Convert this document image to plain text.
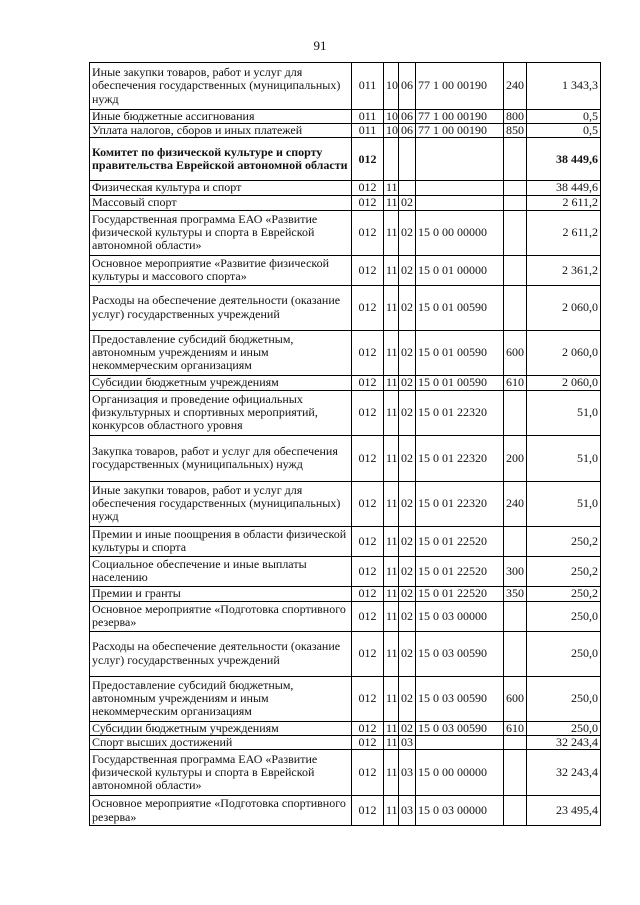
91
Иные закупки товаров, работ и услуг для обеспечения государственных (муниципальных) нужд	011	10	06	77 1 00 00190	240	1 343,3
Иные бюджетные ассигнования	011	10	06	77 1 00 00190	800	0,5
Уплата налогов, сборов и иных платежей	011	10	06	77 1 00 00190	850	0,5
Комитет по физической культуре и спорту правительства Еврейской автономной области	012					38 449,6
Физическая культура и спорт	012	11				38 449,6
Массовый спорт	012	11	02			2 611,2
Государственная программа ЕАО «Развитие физической культуры и спорта в Еврейской автономной области»	012	11	02	15 0 00 00000		2 611,2
Основное мероприятие «Развитие физической культуры и массового спорта»	012	11	02	15 0 01 00000		2 361,2
Расходы на обеспечение деятельности (оказание услуг) государственных учреждений	012	11	02	15 0 01 00590		2 060,0
Предоставление субсидий бюджетным, автономным учреждениям и иным некоммерческим организациям	012	11	02	15 0 01 00590	600	2 060,0
Субсидии бюджетным учреждениям	012	11	02	15 0 01 00590	610	2 060,0
Организация и проведение официальных физкультурных и спортивных мероприятий, конкурсов областного уровня	012	11	02	15 0 01 22320		51,0
Закупка товаров, работ и услуг для обеспечения государственных (муниципальных) нужд	012	11	02	15 0 01 22320	200	51,0
Иные закупки товаров, работ и услуг для обеспечения государственных (муниципальных) нужд	012	11	02	15 0 01 22320	240	51,0
Премии и иные поощрения в области физической культуры и спорта	012	11	02	15 0 01 22520		250,2
Социальное обеспечение и иные выплаты населению	012	11	02	15 0 01 22520	300	250,2
Премии и гранты	012	11	02	15 0 01 22520	350	250,2
Основное мероприятие «Подготовка спортивного резерва»	012	11	02	15 0 03 00000		250,0
Расходы на обеспечение деятельности (оказание услуг) государственных учреждений	012	11	02	15 0 03 00590		250,0
Предоставление субсидий бюджетным, автономным учреждениям и иным некоммерческим организациям	012	11	02	15 0 03 00590	600	250,0
Субсидии бюджетным учреждениям	012	11	02	15 0 03 00590	610	250,0
Спорт высших достижений	012	11	03			32 243,4
Государственная программа ЕАО «Развитие физической культуры и спорта в Еврейской автономной области»	012	11	03	15 0 00 00000		32 243,4
Основное мероприятие «Подготовка спортивного резерва»	012	11	03	15 0 03 00000		23 495,4
